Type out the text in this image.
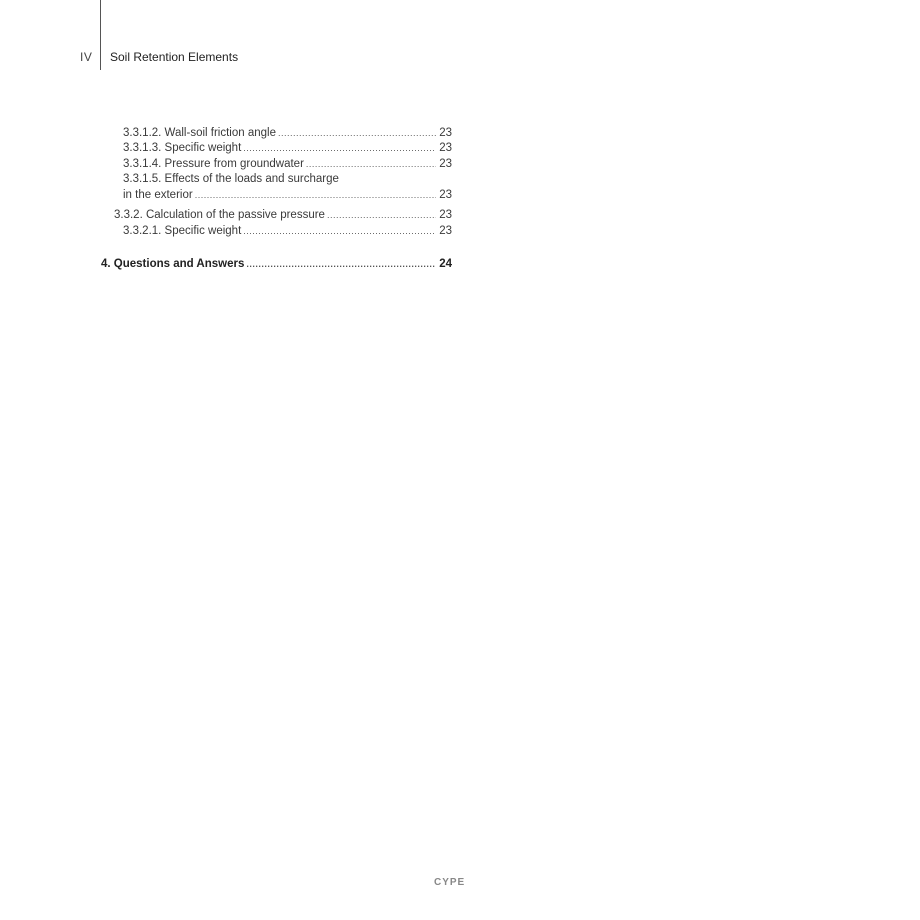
IV Soil Retention Elements
3.3.1.2. Wall-soil friction angle .....	23
3.3.1.3. Specific weight .....	23
3.3.1.4. Pressure from groundwater .....	23
3.3.1.5. Effects of the loads and surcharge
in the exterior .....	23
3.3.2. Calculation of the passive pressure .....	23
3.3.2.1. Specific weight .....	23
4. Questions and Answers .....	24
CYPE
